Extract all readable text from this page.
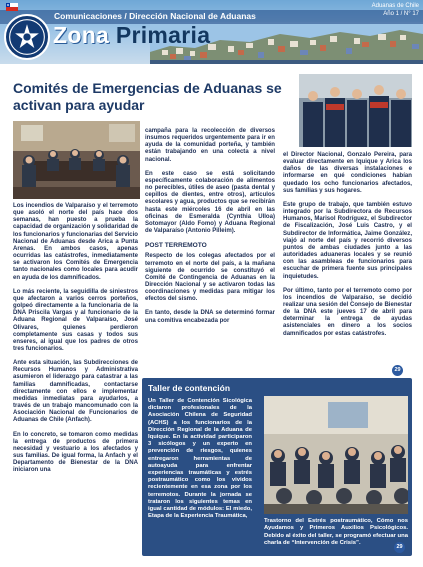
Comunicaciones / Dirección Nacional de Aduanas
Aduanas de Chile
Año 1 / N° 17
Zona Primaria
Comités de Emergencias de Aduanas se activan para ayudar

Los incendios de Valparaíso y el terremoto que asoló el norte del país hace dos semanas, han puesto a prueba la capacidad de organización y solidaridad de los funcionarios y funcionarias del Servicio Nacional de Aduanas desde Arica a Punta Arenas. En ambos casos, apenas ocurridas las catástrofes, inmediatamente se activaron los Comités de Emergencia tanto nacionales como locales para acudir en ayuda de los damnificados.

Lo más reciente, la seguidilla de siniestros que afectaron a varios cerros porteños, golpeó directamente a la funcionaria de la DNA Priscila Vargas y al funcionario de la Aduana Regional de Valparaíso, José Olivares, quienes perdieron completamente sus casas y todos sus enseres, al igual que los padres de otros tres funcionarios.

Ante esta situación, las Subdirecciones de Recursos Humanos y Administrativa asumieron el liderazgo para catastrar a las familias damnificadas, contactarse directamente con ellos e implementar medidas inmediatas para ayudarlos, a través de un trabajo mancomunado con la Asociación Nacional de Funcionarios de Aduanas de Chile (Anfach).

En lo concreto, se tomaron como medidas la entrega de productos de primera necesidad y vestuario a los afectados y sus familias. De igual forma, la Anfach y el Departamento de Bienestar de la DNA iniciaron una

campaña para la recolección de diversos insumos requeridos urgentemente para ir en ayuda de la comunidad porteña, y también están trabajando en una colecta a nivel nacional.

En este caso se está solicitando específicamente colaboración de alimentos no perecibles, útiles de aseo (pasta dental y cepillos de dientes, entre otros), artículos escolares y agua, productos que se recibirán hasta este miércoles 16 de abril en las oficinas de Esmeralda (Cynthia Ulloa) Sotomayor (Aldo Fomo) y Aduana Regional de Valparaíso (Antonio Pilleim).

POST TERREMOTO

Respecto de los colegas afectados por el terremoto en el norte del país, a la mañana siguiente de ocurrido se constituyó el Comité de Contingencia de Aduanas en la Dirección Nacional y se activaron todas las coordinaciones y medidas para mitigar los efectos del sismo.

En tanto, desde la DNA se determinó formar una comitiva encabezada por

el Director Nacional, Gonzalo Pereira, para evaluar directamente en Iquique y Arica los daños de las diversas instalaciones e informarse en qué condiciones habían quedado los ocho funcionarios afectados, sus familias y sus hogares.

Este grupo de trabajo, que también estuvo integrado por la Subdirectora de Recursos Humanos, Marisol Rodríguez, el Subdirector de Fiscalización, José Luis Castro, y el Subdirector de Informática, Jaime González, viajó al norte del país y recorrió diversos puntos de ambas ciudades junto a las autoridades aduaneras locales y se reunió con las asambleas de funcionarios para escuchar de primera fuente sus principales inquietudes.

Por último, tanto por el terremoto como por los incendios de Valparaíso, se decidió realizar una sesión del Consejo de Bienestar de la DNA este jueves 17 de abril para determinar la entrega de ayudas asistenciales en dinero a los socios damnificados por estas catástrofes.

29
Taller de contención
Un Taller de Contención Sicológica dictaron profesionales de la Asociación Chilena de Seguridad (ACHS) a los funcionarios de la Dirección Regional de la Aduana de Iquique. En la actividad participaron 3 sicólogos y un experto en prevención de riesgos, quienes entregaron herramientas de autoayuda para enfrentar experiencias traumáticas y estrés postraumático como los vividos recientemente en esa zona por los terremotos. Durante la jornada se trataron los siguientes temas en igual cantidad de módulos: El miedo, Etapa de la Experiencia Traumática,
Trastorno del Estrés postraumático, Cómo nos Ayudamos y Primeros Auxilios Psicológicos. Debido al éxito del taller, se programó efectuar una charla de “Intervención de Crisis”.
29
